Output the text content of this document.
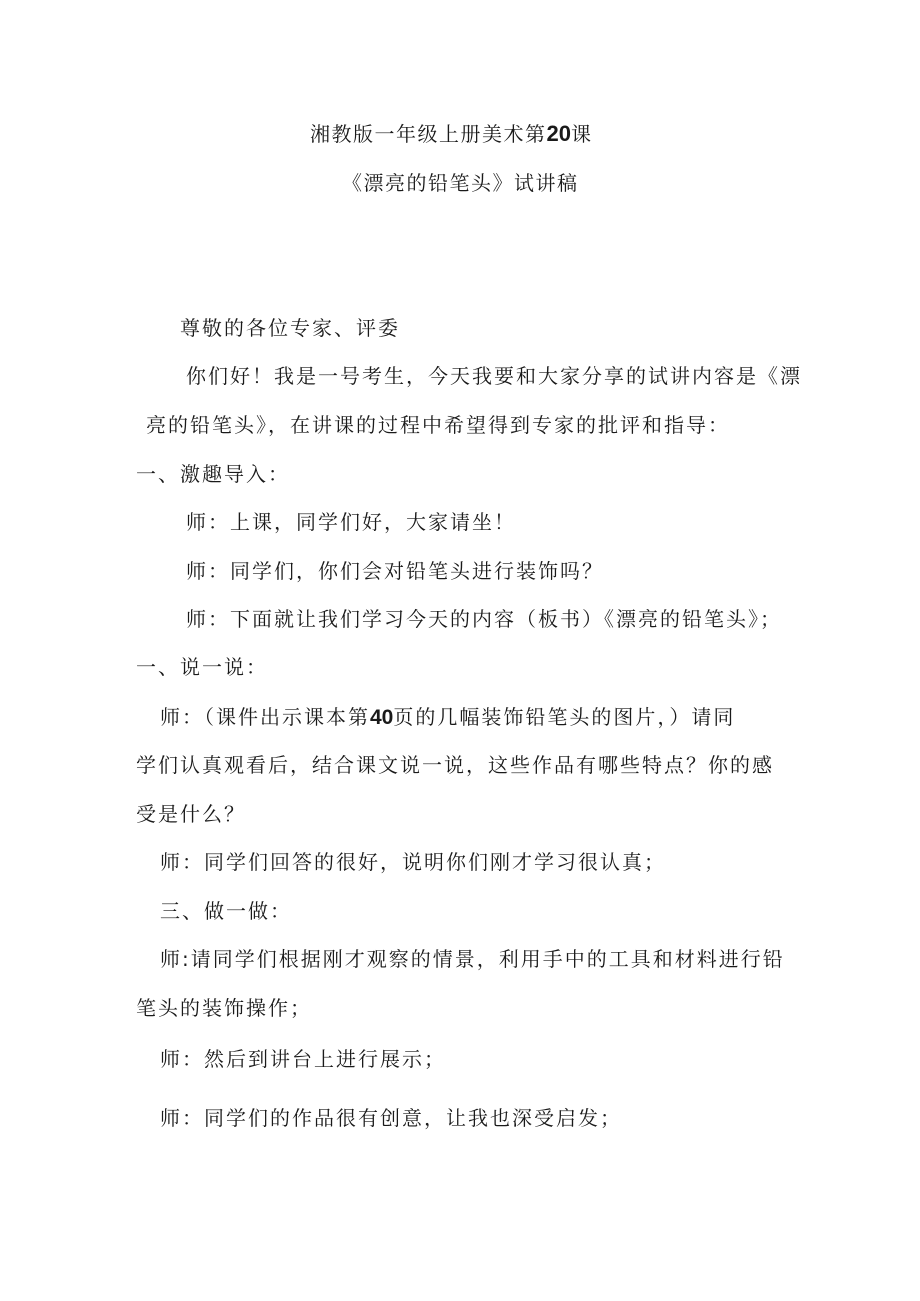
湘教版一年级上册美术第20课
《漂亮的铅笔头》试讲稿
尊敬的各位专家、评委
你们好！我是一号考生，今天我要和大家分享的试讲内容是《漂
亮的铅笔头》，在讲课的过程中希望得到专家的批评和指导：
一、激趣导入：
师：上课，同学们好，大家请坐！
师：同学们，你们会对铅笔头进行装饰吗？
师：下面就让我们学习今天的内容（板书）《漂亮的铅笔头》；
一、说一说：
师：（课件出示课本第40页的几幅装饰铅笔头的图片，）请同
学们认真观看后，结合课文说一说，这些作品有哪些特点？你的感
受是什么？
师：同学们回答的很好，说明你们刚才学习很认真；
三、做一做：
师:请同学们根据刚才观察的情景，利用手中的工具和材料进行铅
笔头的装饰操作；
师：然后到讲台上进行展示；
师：同学们的作品很有创意，让我也深受启发；
